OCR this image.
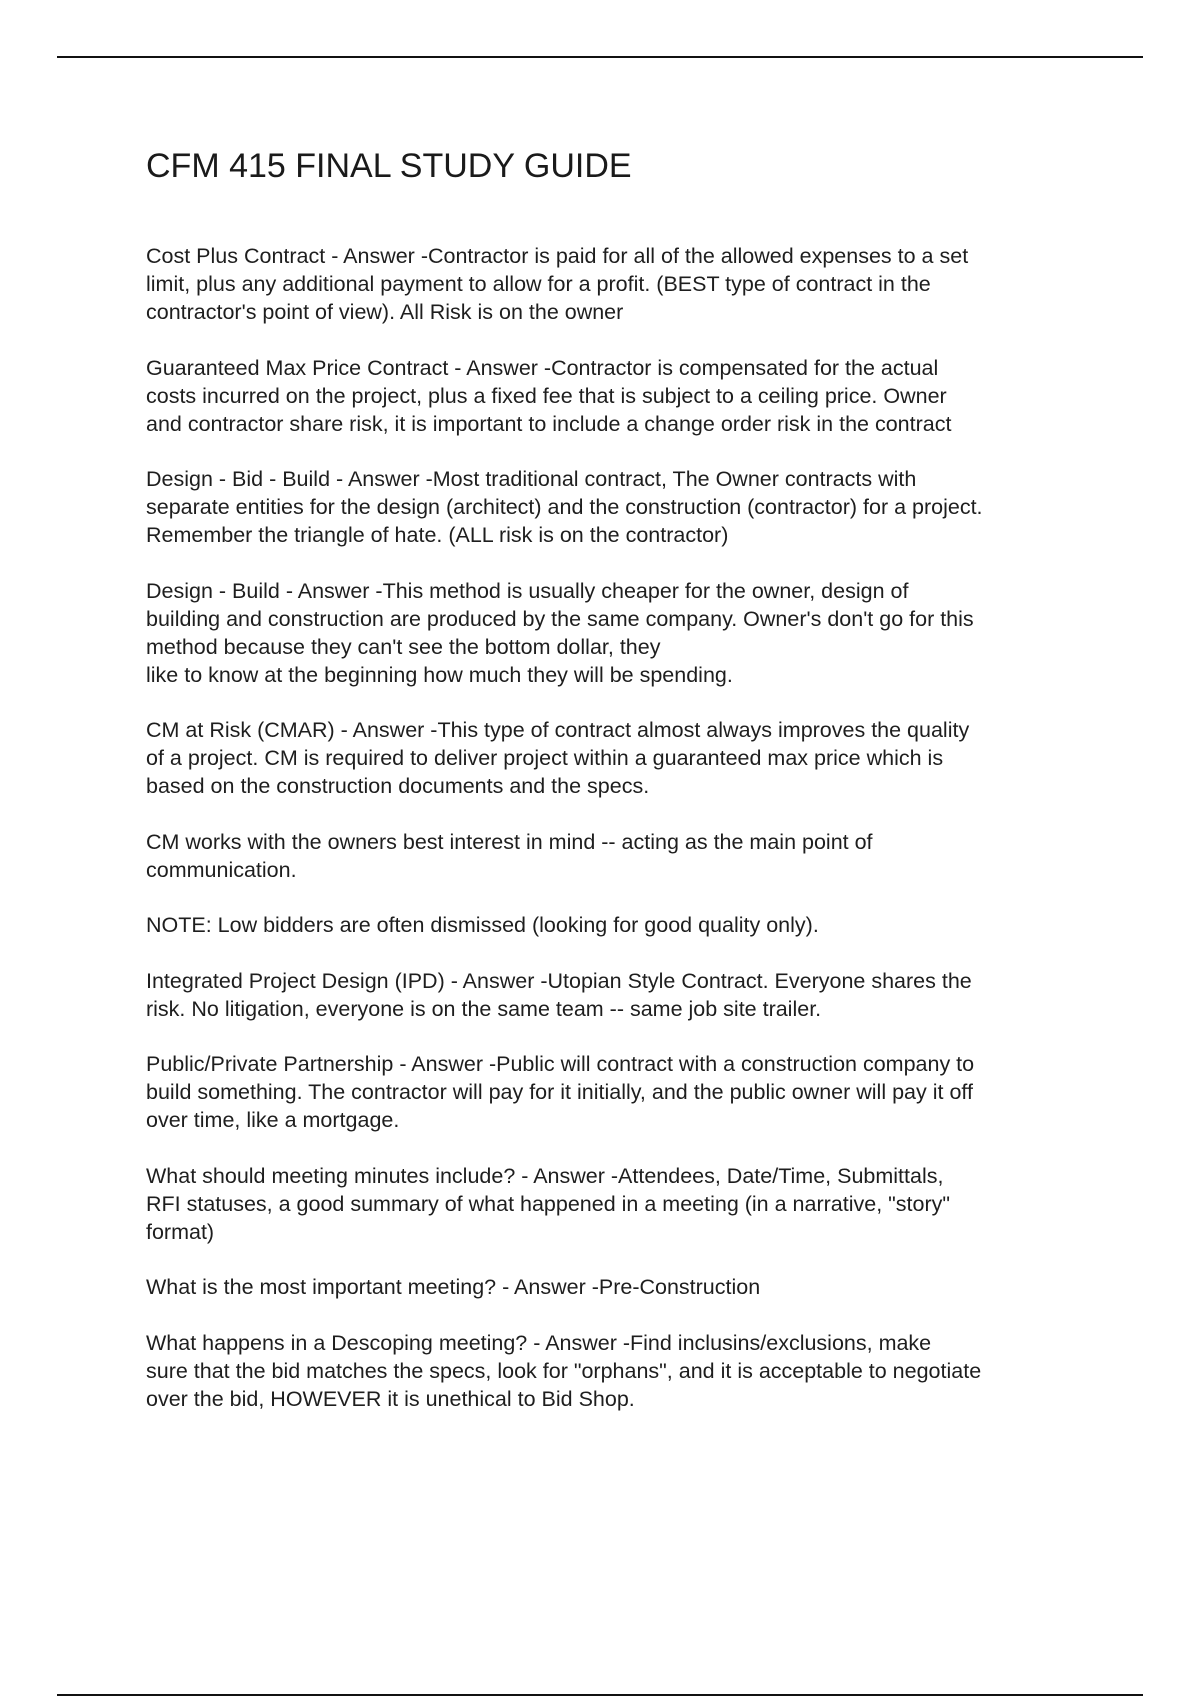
CFM 415 FINAL STUDY GUIDE

Cost Plus Contract - Answer -Contractor is paid for all of the allowed expenses to a set
limit, plus any additional payment to allow for a profit. (BEST type of contract in the
contractor's point of view). All Risk is on the owner

Guaranteed Max Price Contract - Answer -Contractor is compensated for the actual
costs incurred on the project, plus a fixed fee that is subject to a ceiling price. Owner
and contractor share risk, it is important to include a change order risk in the contract

Design - Bid - Build - Answer -Most traditional contract, The Owner contracts with
separate entities for the design (architect) and the construction (contractor) for a project.
Remember the triangle of hate. (ALL risk is on the contractor)

Design - Build - Answer -This method is usually cheaper for the owner, design of
building and construction are produced by the same company. Owner's don't go for this
method because they can't see the bottom dollar, they
like to know at the beginning how much they will be spending.

CM at Risk (CMAR) - Answer -This type of contract almost always improves the quality
of a project. CM is required to deliver project within a guaranteed max price which is
based on the construction documents and the specs.

CM works with the owners best interest in mind -- acting as the main point of
communication.

NOTE: Low bidders are often dismissed (looking for good quality only).

Integrated Project Design (IPD) - Answer -Utopian Style Contract. Everyone shares the
risk. No litigation, everyone is on the same team -- same job site trailer.

Public/Private Partnership - Answer -Public will contract with a construction company to
build something. The contractor will pay for it initially, and the public owner will pay it off
over time, like a mortgage.

What should meeting minutes include? - Answer -Attendees, Date/Time, Submittals,
RFI statuses, a good summary of what happened in a meeting (in a narrative, "story"
format)

What is the most important meeting? - Answer -Pre-Construction

What happens in a Descoping meeting? - Answer -Find inclusins/exclusions, make
sure that the bid matches the specs, look for "orphans", and it is acceptable to negotiate
over the bid, HOWEVER it is unethical to Bid Shop.
